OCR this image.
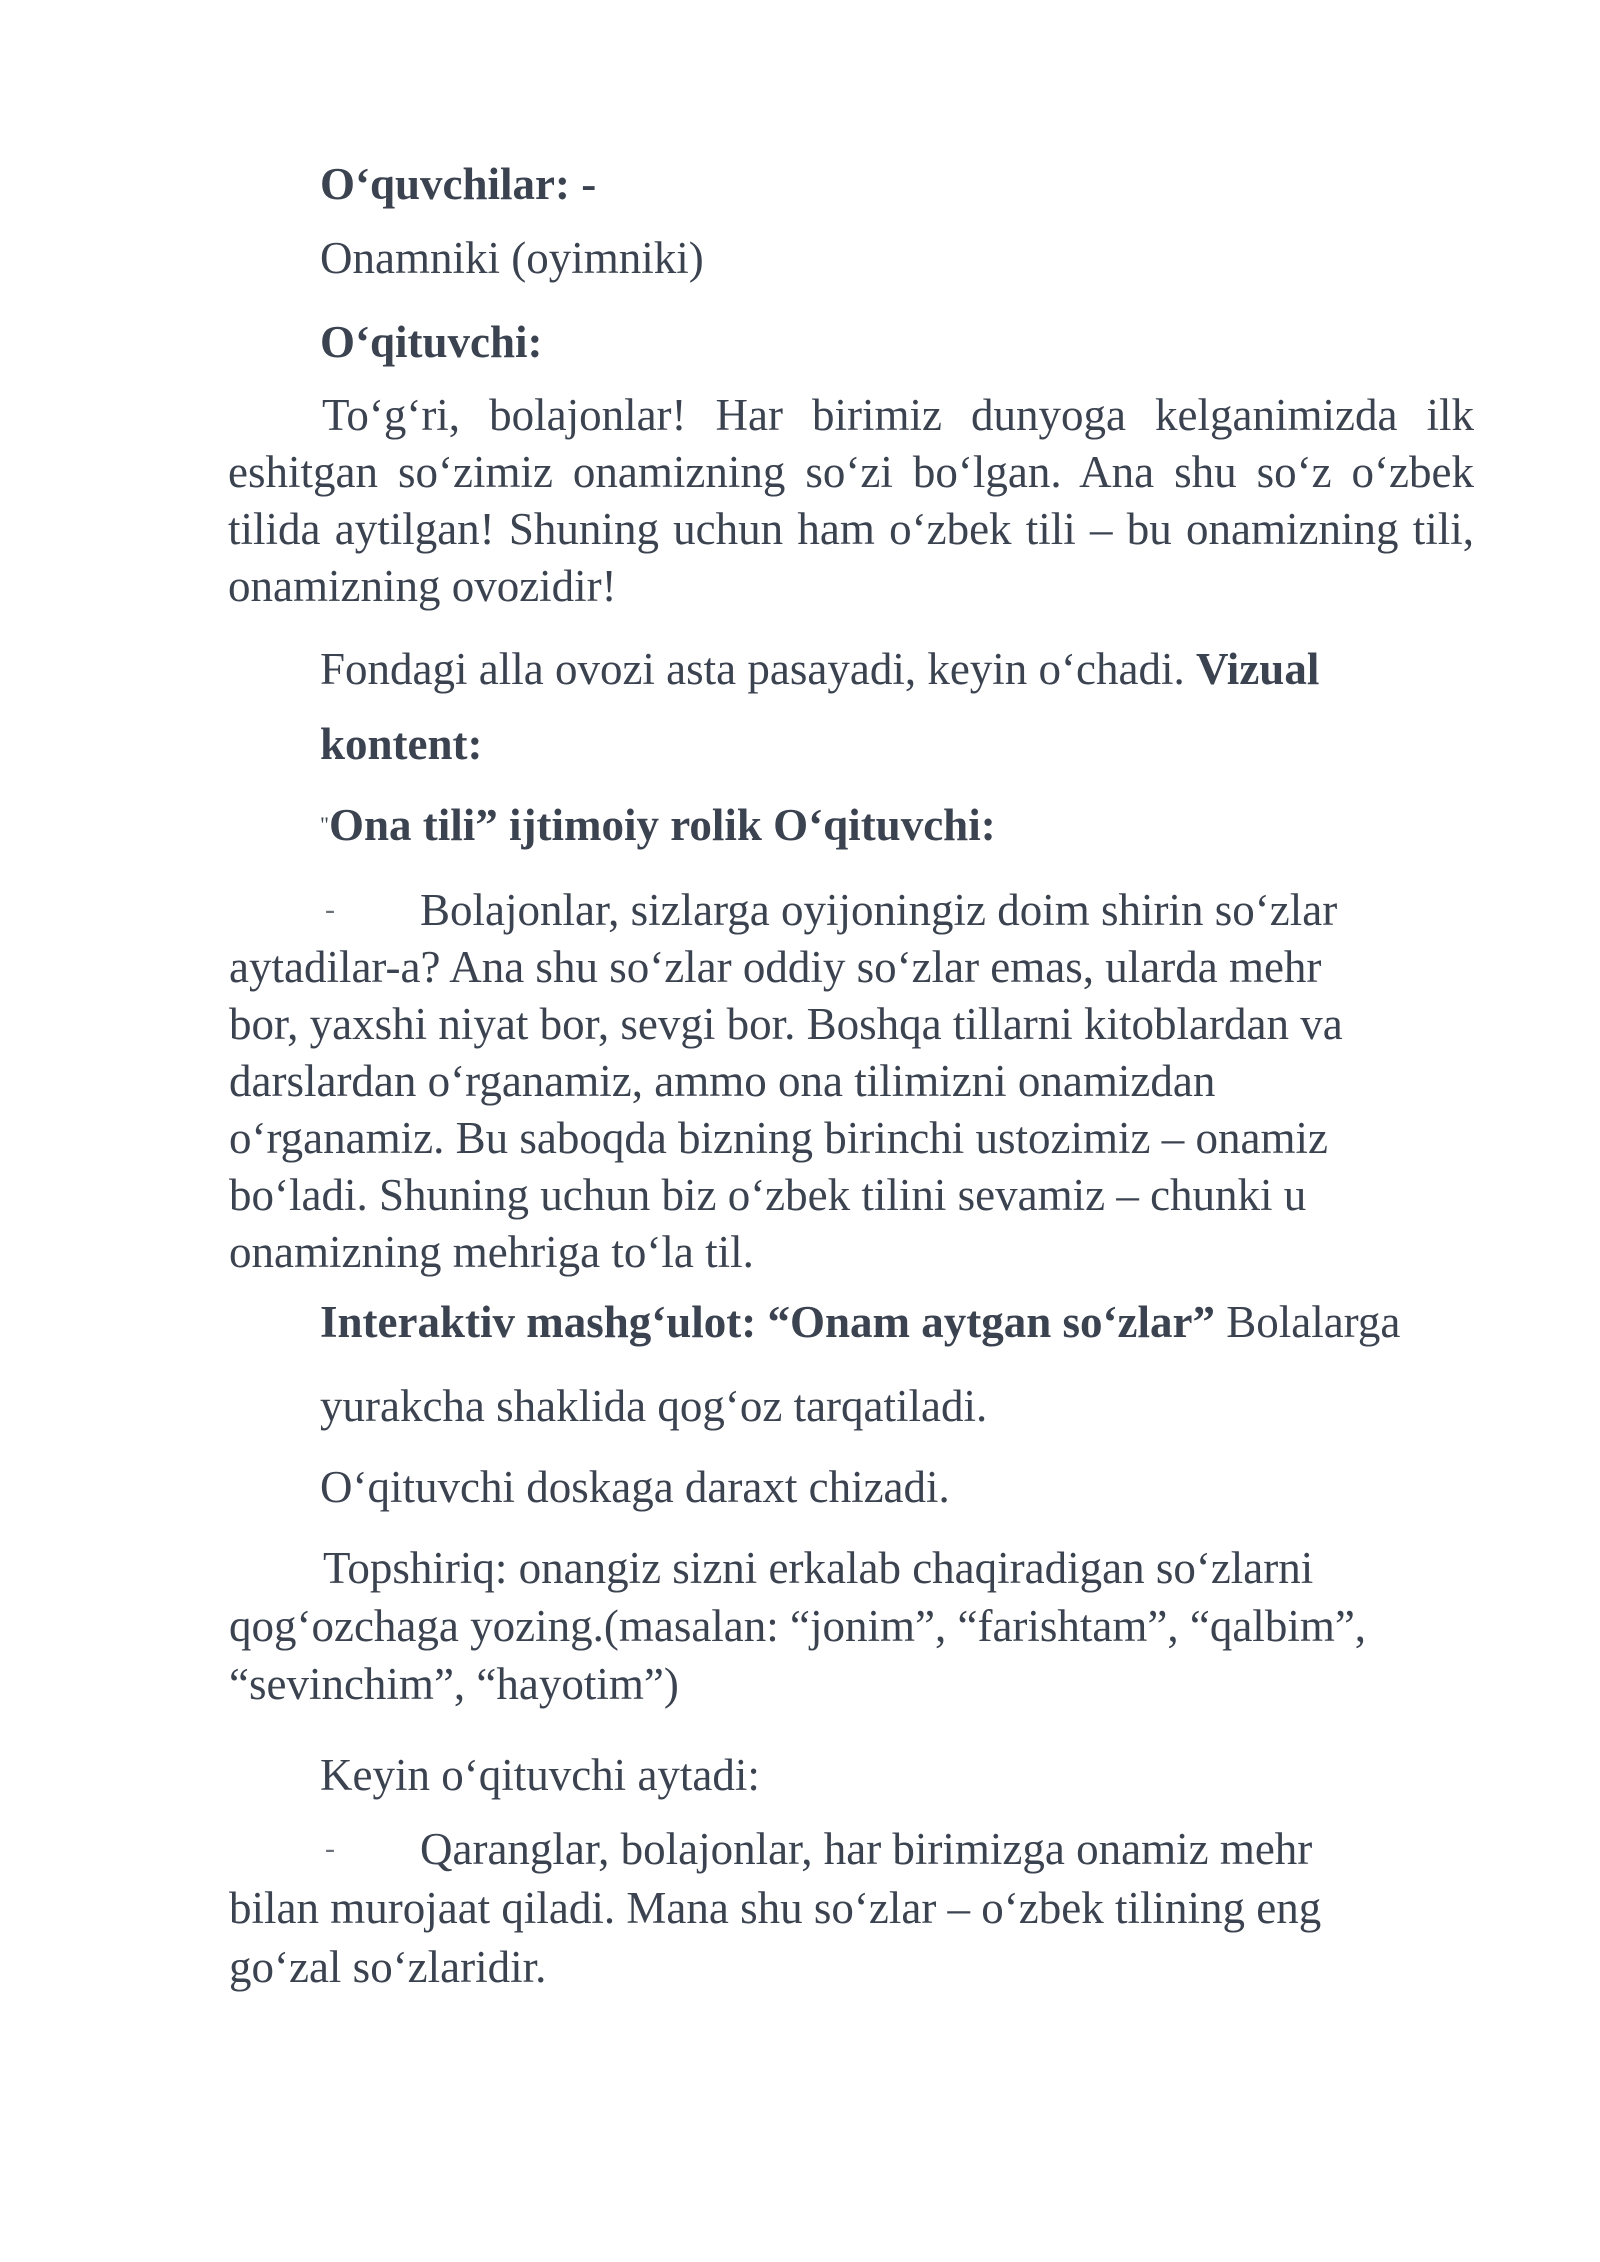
O‘quvchilar: -
Onamniki (oyimniki)
O‘qituvchi:
To‘g‘ri, bolajonlar! Har birimiz dunyoga kelganimizda ilk eshitgan so‘zimiz onamizning so‘zi bo‘lgan. Ana shu so‘z o‘zbek tilida aytilgan! Shuning uchun ham o‘zbek tili – bu onamizning tili, onamizning ovozidir!
Fondagi alla ovozi asta pasayadi, keyin o‘chadi. Vizual
kontent:
"Ona tili” ijtimoiy rolik O‘qituvchi:
- Bolajonlar, sizlarga oyijoningiz doim shirin so‘zlar
aytadilar-a? Ana shu so‘zlar oddiy so‘zlar emas, ularda mehr
bor, yaxshi niyat bor, sevgi bor. Boshqa tillarni kitoblardan va
darslardan o‘rganamiz, ammo ona tilimizni onamizdan
o‘rganamiz. Bu saboqda bizning birinchi ustozimiz – onamiz
bo‘ladi. Shuning uchun biz o‘zbek tilini sevamiz – chunki u
onamizning mehriga to‘la til.
Interaktiv mashg‘ulot: “Onam aytgan so‘zlar” Bolalarga
yurakcha shaklida qog‘oz tarqatiladi.
O‘qituvchi doskaga daraxt chizadi.
Topshiriq: onangiz sizni erkalab chaqiradigan so‘zlarni
qog‘ozchaga yozing.(masalan: “jonim”, “farishtam”, “qalbim”,
“sevinchim”, “hayotim”)
Keyin o‘qituvchi aytadi:
- Qaranglar, bolajonlar, har birimizga onamiz mehr
bilan murojaat qiladi. Mana shu so‘zlar – o‘zbek tilining eng
go‘zal so‘zlaridir.
